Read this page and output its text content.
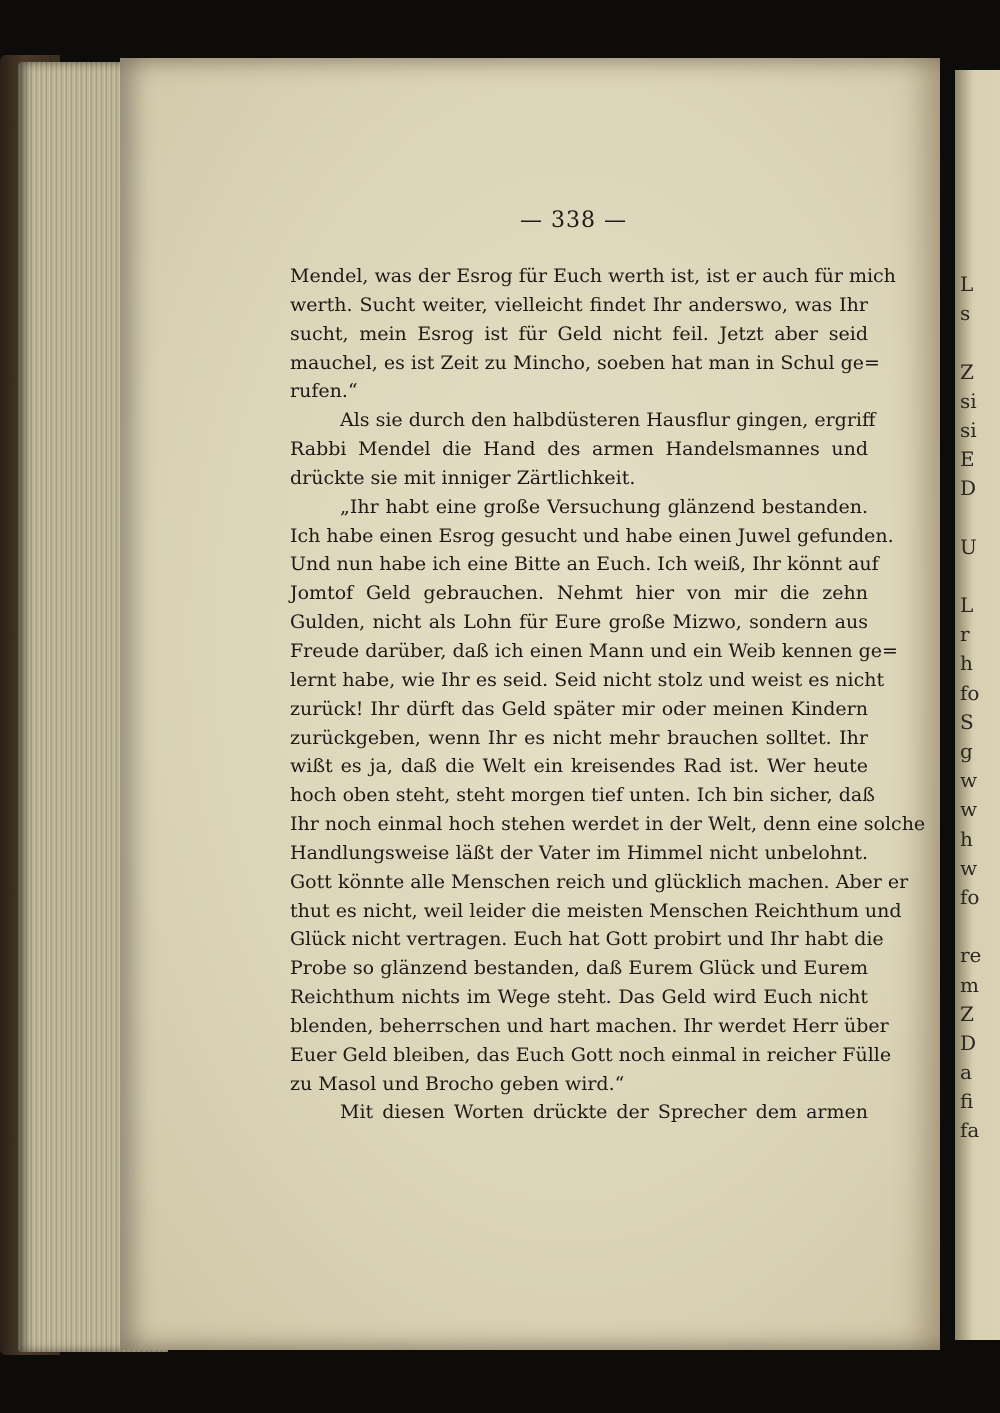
L
s
Z
si
si
E
D
U
L
r
h
fo
S
g
w
w
h
w
fo
re
m
Z
D
a
fi
fa
— 338 —
Mendel, was der Esrog für Euch werth ist, ist er auch für mich
werth. Sucht weiter, vielleicht findet Ihr anderswo, was Ihr
sucht, mein Esrog ist für Geld nicht feil. Jetzt aber seid
mauchel, es ist Zeit zu Mincho, soeben hat man in Schul ge=
rufen.“
Als sie durch den halbdüsteren Hausflur gingen, ergriff
Rabbi Mendel die Hand des armen Handelsmannes und
drückte sie mit inniger Zärtlichkeit.
„Ihr habt eine große Versuchung glänzend bestanden.
Ich habe einen Esrog gesucht und habe einen Juwel gefunden.
Und nun habe ich eine Bitte an Euch. Ich weiß, Ihr könnt auf
Jomtof Geld gebrauchen. Nehmt hier von mir die zehn
Gulden, nicht als Lohn für Eure große Mizwo, sondern aus
Freude darüber, daß ich einen Mann und ein Weib kennen ge=
lernt habe, wie Ihr es seid. Seid nicht stolz und weist es nicht
zurück! Ihr dürft das Geld später mir oder meinen Kindern
zurückgeben, wenn Ihr es nicht mehr brauchen solltet. Ihr
wißt es ja, daß die Welt ein kreisendes Rad ist. Wer heute
hoch oben steht, steht morgen tief unten. Ich bin sicher, daß
Ihr noch einmal hoch stehen werdet in der Welt, denn eine solche
Handlungsweise läßt der Vater im Himmel nicht unbelohnt.
Gott könnte alle Menschen reich und glücklich machen. Aber er
thut es nicht, weil leider die meisten Menschen Reichthum und
Glück nicht vertragen. Euch hat Gott probirt und Ihr habt die
Probe so glänzend bestanden, daß Eurem Glück und Eurem
Reichthum nichts im Wege steht. Das Geld wird Euch nicht
blenden, beherrschen und hart machen. Ihr werdet Herr über
Euer Geld bleiben, das Euch Gott noch einmal in reicher Fülle
zu Masol und Brocho geben wird.“
Mit diesen Worten drückte der Sprecher dem armen
